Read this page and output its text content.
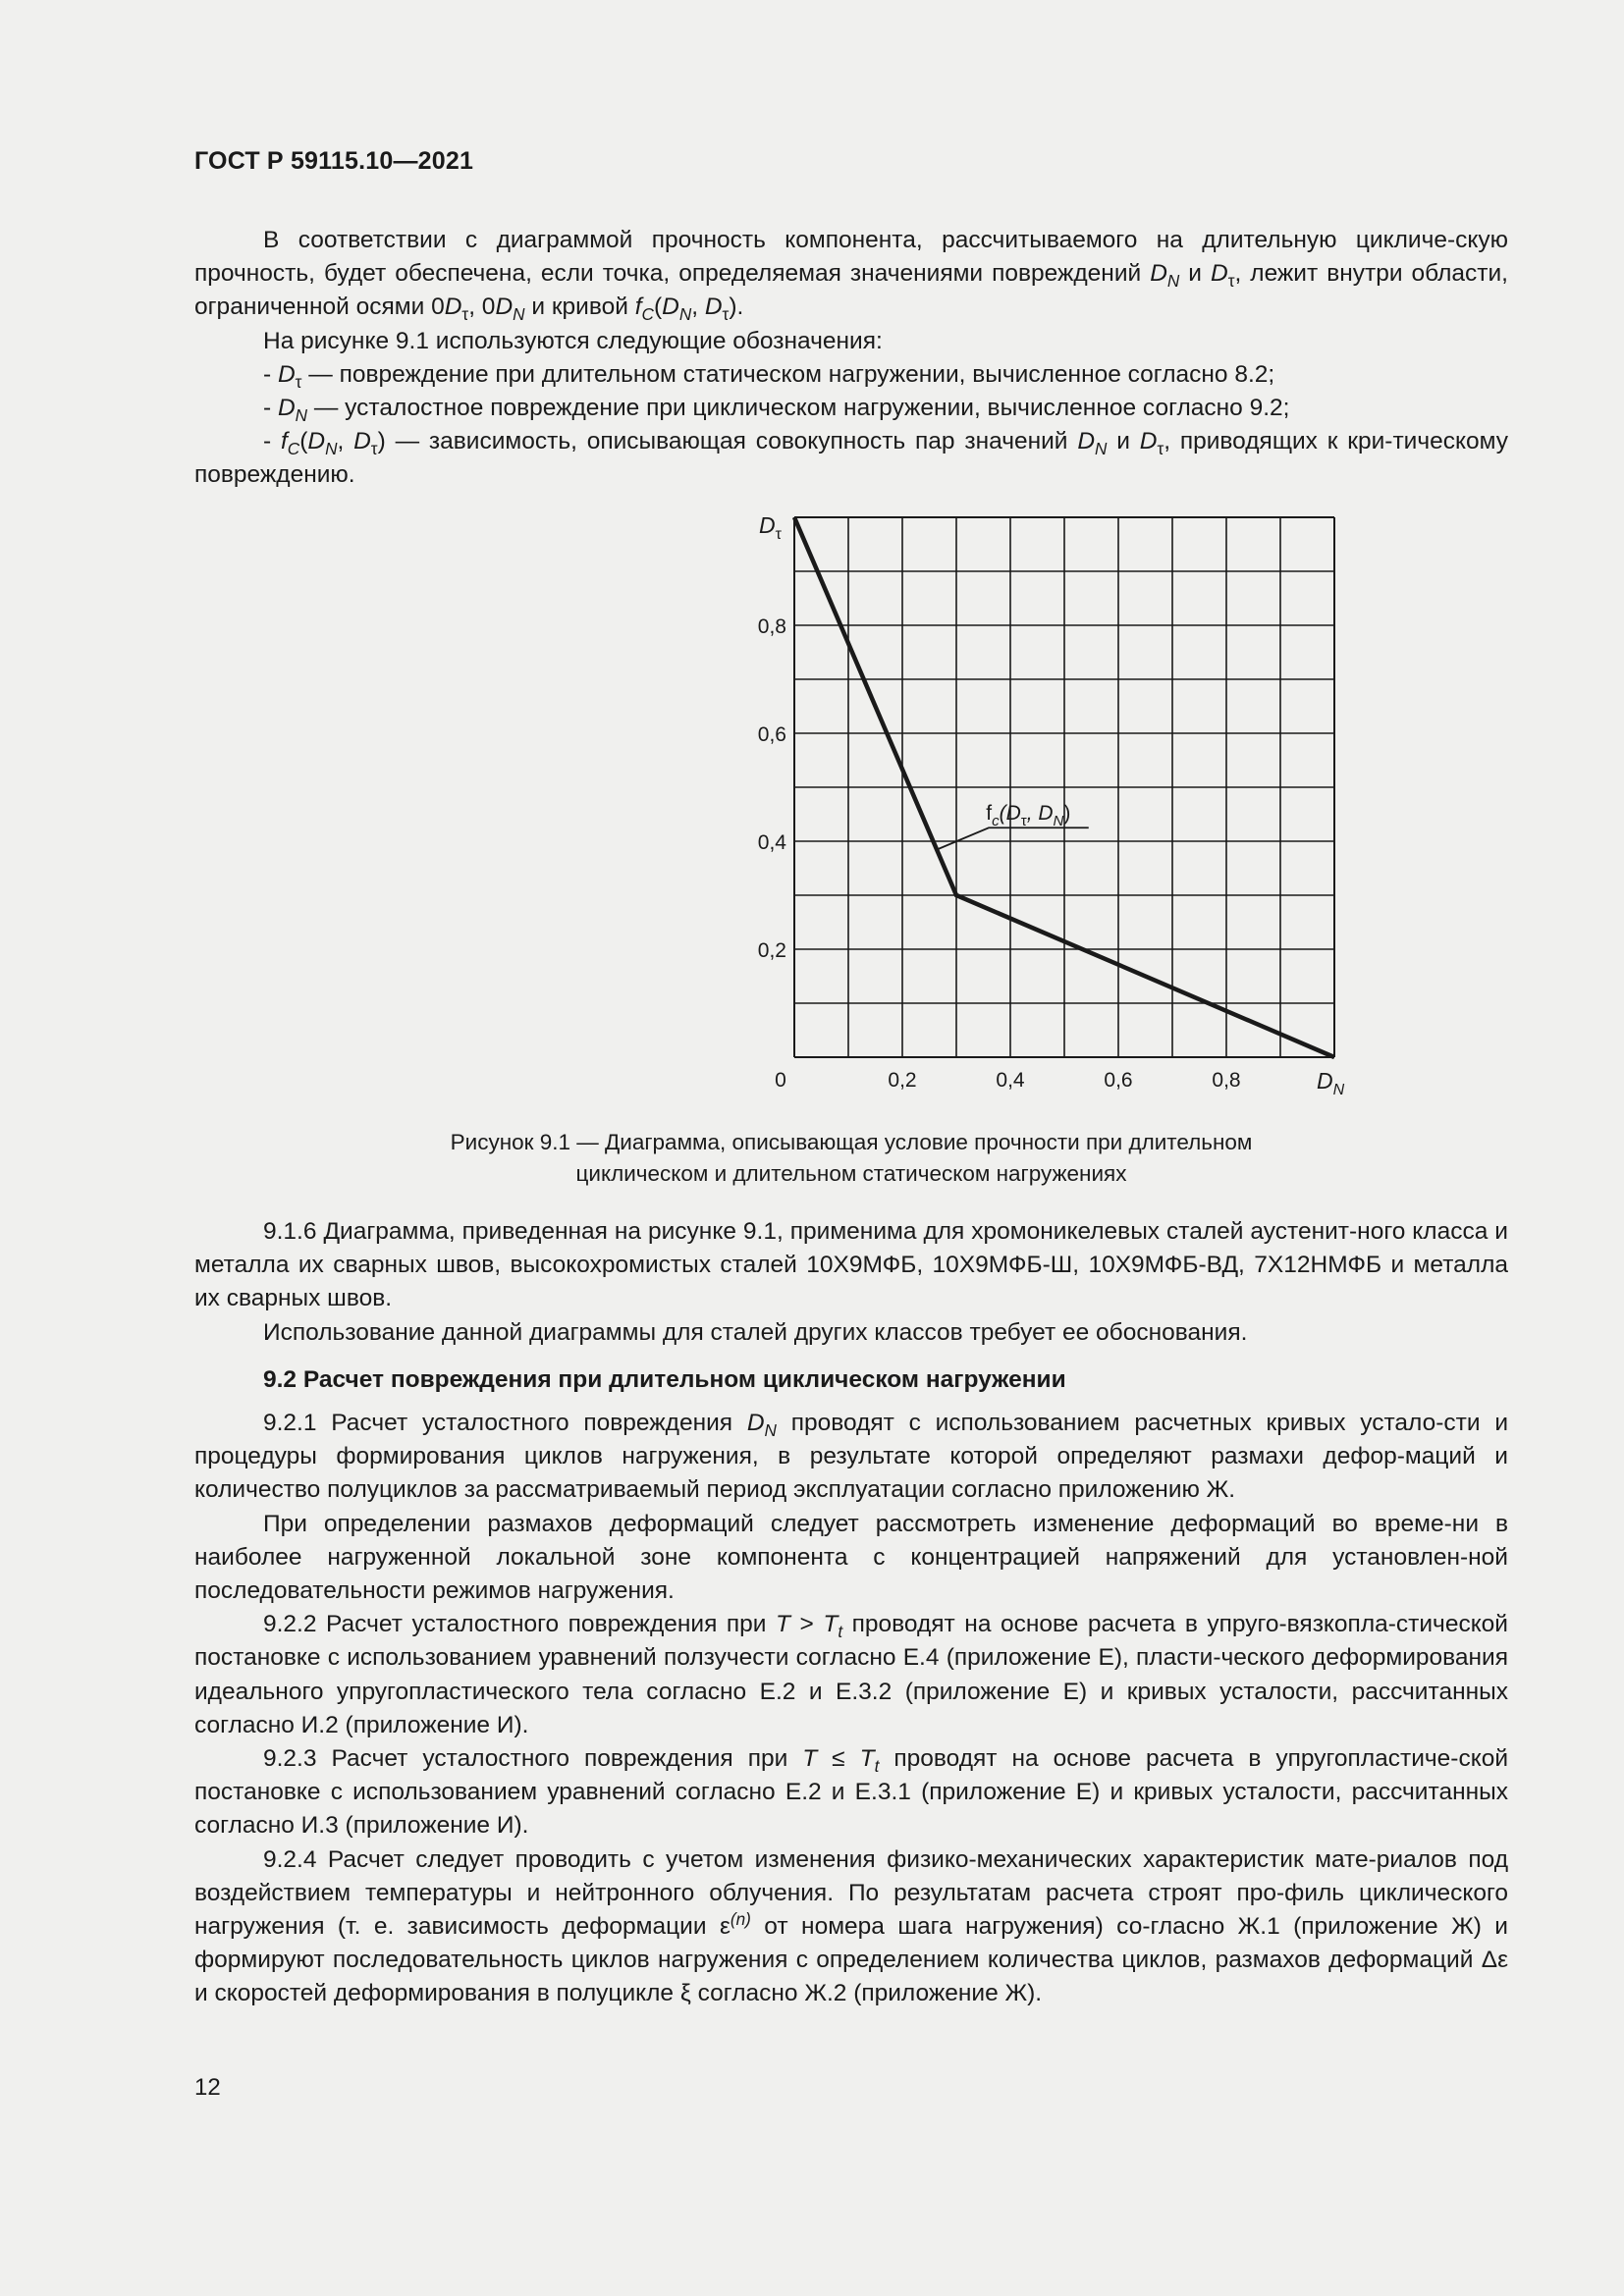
ГОСТ Р 59115.10—2021

В соответствии с диаграммой прочность компонента, рассчитываемого на длительную цикличе-скую прочность, будет обеспечена, если точка, определяемая значениями повреждений $D_N$ и $D_\tau$, лежит внутри области, ограниченной осями $0D_\tau$, $0D_N$ и кривой $f_C(D_N$, $D_\tau$).

На рисунке 9.1 используются следующие обозначения:

- $D_\tau$ — повреждение при длительном статическом нагружении, вычисленное согласно 8.2;

- $D_N$ — усталостное повреждение при циклическом нагружении, вычисленное согласно 9.2;

- $f_C(D_N$, $D_\tau$) — зависимость, описывающая совокупность пар значений $D_N$ и $D_\tau$, приводящих к кри-тическому повреждению.

0	0,2	0,4	0,6	0,8
0,2
0,4
0,6
0,8
$D_N$
$D_\tau$
$f_c(D_\tau$, $D_N$)
Рисунок 9.1 — Диаграмма, описывающая условие прочности при длительном
циклическом и длительном статическом нагружениях

9.1.6 Диаграмма, приведенная на рисунке 9.1, применима для хромоникелевых сталей аустенит-ного класса и металла их сварных швов, высокохромистых сталей 10Х9МФБ, 10Х9МФБ-Ш, 10Х9МФБ-ВД, 7Х12НМФБ и металла их сварных швов.

Использование данной диаграммы для сталей других классов требует ее обоснования.

9.2 Расчет повреждения при длительном циклическом нагружении

9.2.1 Расчет усталостного повреждения $D_N$ проводят с использованием расчетных кривых устало-сти и процедуры формирования циклов нагружения, в результате которой определяют размахи дефор-маций и количество полуциклов за рассматриваемый период эксплуатации согласно приложению Ж.

При определении размахов деформаций следует рассмотреть изменение деформаций во време-ни в наиболее нагруженной локальной зоне компонента с концентрацией напряжений для установлен-ной последовательности режимов нагружения.

9.2.2 Расчет усталостного повреждения при $T > T_t$ проводят на основе расчета в упруго-вязкопла-стической постановке с использованием уравнений ползучести согласно Е.4 (приложение Е), пласти-ческого деформирования идеального упругопластического тела согласно Е.2 и Е.3.2 (приложение Е) и кривых усталости, рассчитанных согласно И.2 (приложение И).

9.2.3 Расчет усталостного повреждения при $T \le T_t$ проводят на основе расчета в упругопластиче-ской постановке с использованием уравнений согласно Е.2 и Е.3.1 (приложение Е) и кривых усталости, рассчитанных согласно И.3 (приложение И).

9.2.4 Расчет следует проводить с учетом изменения физико-механических характеристик мате-риалов под воздействием температуры и нейтронного облучения. По результатам расчета строят про-филь циклического нагружения (т. е. зависимость деформации $\varepsilon^{(n)}$ от номера шага нагружения) со-гласно Ж.1 (приложение Ж) и формируют последовательность циклов нагружения с определением количества циклов, размахов деформаций Δε и скоростей деформирования в полуцикле ξ согласно Ж.2 (приложение Ж).

12
